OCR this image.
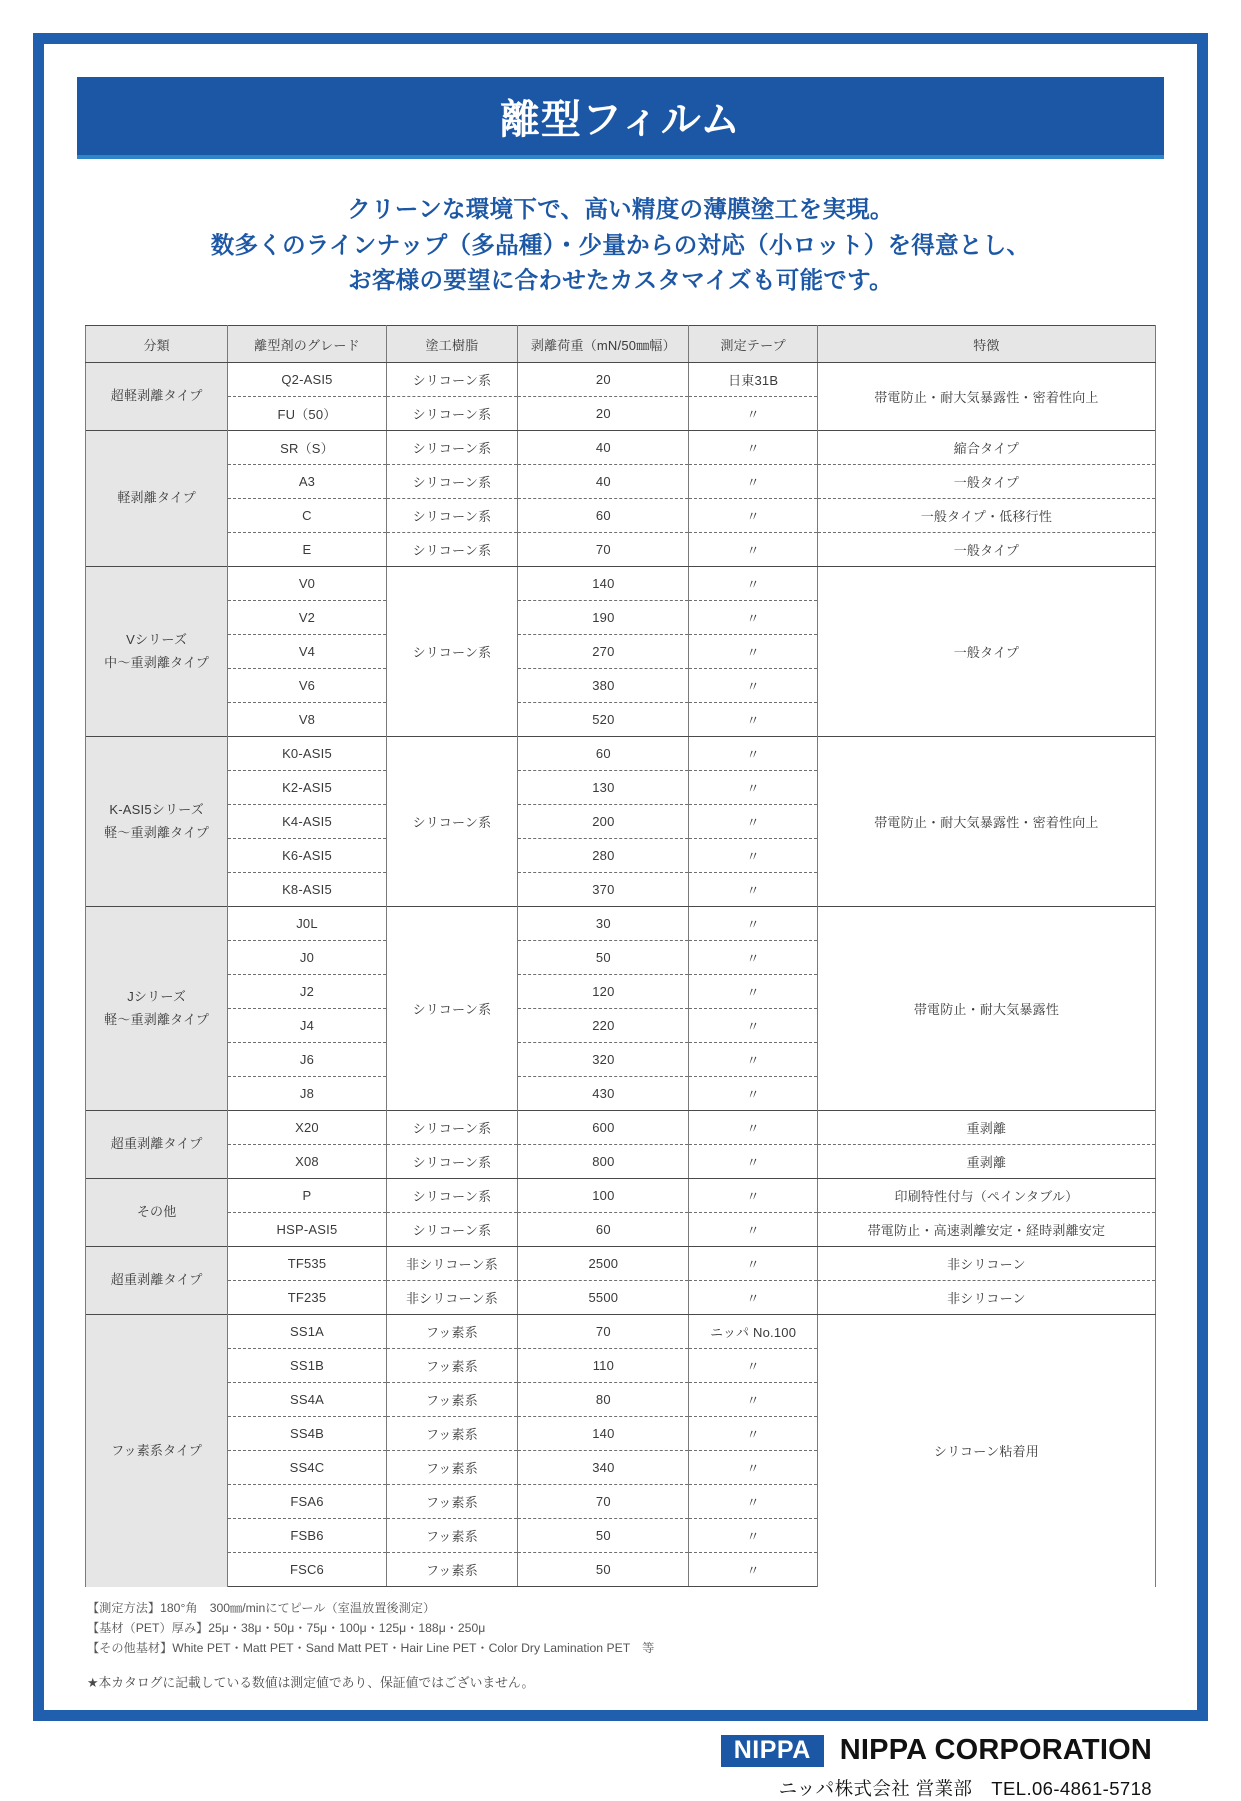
離型フィルム
クリーンな環境下で、高い精度の薄膜塗工を実現。
数多くのラインナップ（多品種）・少量からの対応（小ロット）を得意とし、
お客様の要望に合わせたカスタマイズも可能です。
分類	離型剤のグレード	塗工樹脂	剥離荷重（mN/50㎜幅）	測定テープ	特徴
超軽剥離タイプ	Q2-ASI5	シリコーン系	20	日東31B	帯電防止・耐大気暴露性・密着性向上
	FU（50）	シリコーン系	20	〃	
軽剥離タイプ	SR（S）	シリコーン系	40	〃	縮合タイプ
	A3	シリコーン系	40	〃	一般タイプ
	C	シリコーン系	60	〃	一般タイプ・低移行性
	E	シリコーン系	70	〃	一般タイプ

Vシリーズ
中〜重剥離タイプ	V0	シリコーン系	140	〃	一般タイプ
	V2		190	〃	
	V4		270	〃	
	V6		380	〃	
	V8		520	〃	

K-ASI5シリーズ
軽〜重剥離タイプ	K0-ASI5	シリコーン系	60	〃	帯電防止・耐大気暴露性・密着性向上
	K2-ASI5		130	〃	
	K4-ASI5		200	〃	
	K6-ASI5		280	〃	
	K8-ASI5		370	〃	

Jシリーズ
軽〜重剥離タイプ	J0L	シリコーン系	30	〃	帯電防止・耐大気暴露性
	J0		50	〃	
	J2		120	〃	
	J4		220	〃	
	J6		320	〃	
	J8		430	〃	
超重剥離タイプ	X20	シリコーン系	600	〃	重剥離
	X08	シリコーン系	800	〃	重剥離
その他	P	シリコーン系	100	〃	印刷特性付与（ペインタブル）
	HSP-ASI5	シリコーン系	60	〃	帯電防止・高速剥離安定・経時剥離安定
超重剥離タイプ	TF535	非シリコーン系	2500	〃	非シリコーン
	TF235	非シリコーン系	5500	〃	非シリコーン
フッ素系タイプ	SS1A	フッ素系	70	ニッパ No.100	シリコーン粘着用
	SS1B	フッ素系	110	〃	
	SS4A	フッ素系	80	〃	
	SS4B	フッ素系	140	〃	
	SS4C	フッ素系	340	〃	
	FSA6	フッ素系	70	〃	
	FSB6	フッ素系	50	〃	
	FSC6	フッ素系	50	〃	
【測定方法】180°角　300㎜/minにてピール（室温放置後測定）
【基材（PET）厚み】25μ・38μ・50μ・75μ・100μ・125μ・188μ・250μ
【その他基材】White PET・Matt PET・Sand Matt PET・Hair Line PET・Color Dry Lamination PET　等
★本カタログに記載している数値は測定値であり、保証値ではございません。
NIPPA	NIPPA CORPORATION
ニッパ株式会社 営業部　TEL.06-4861-5718
